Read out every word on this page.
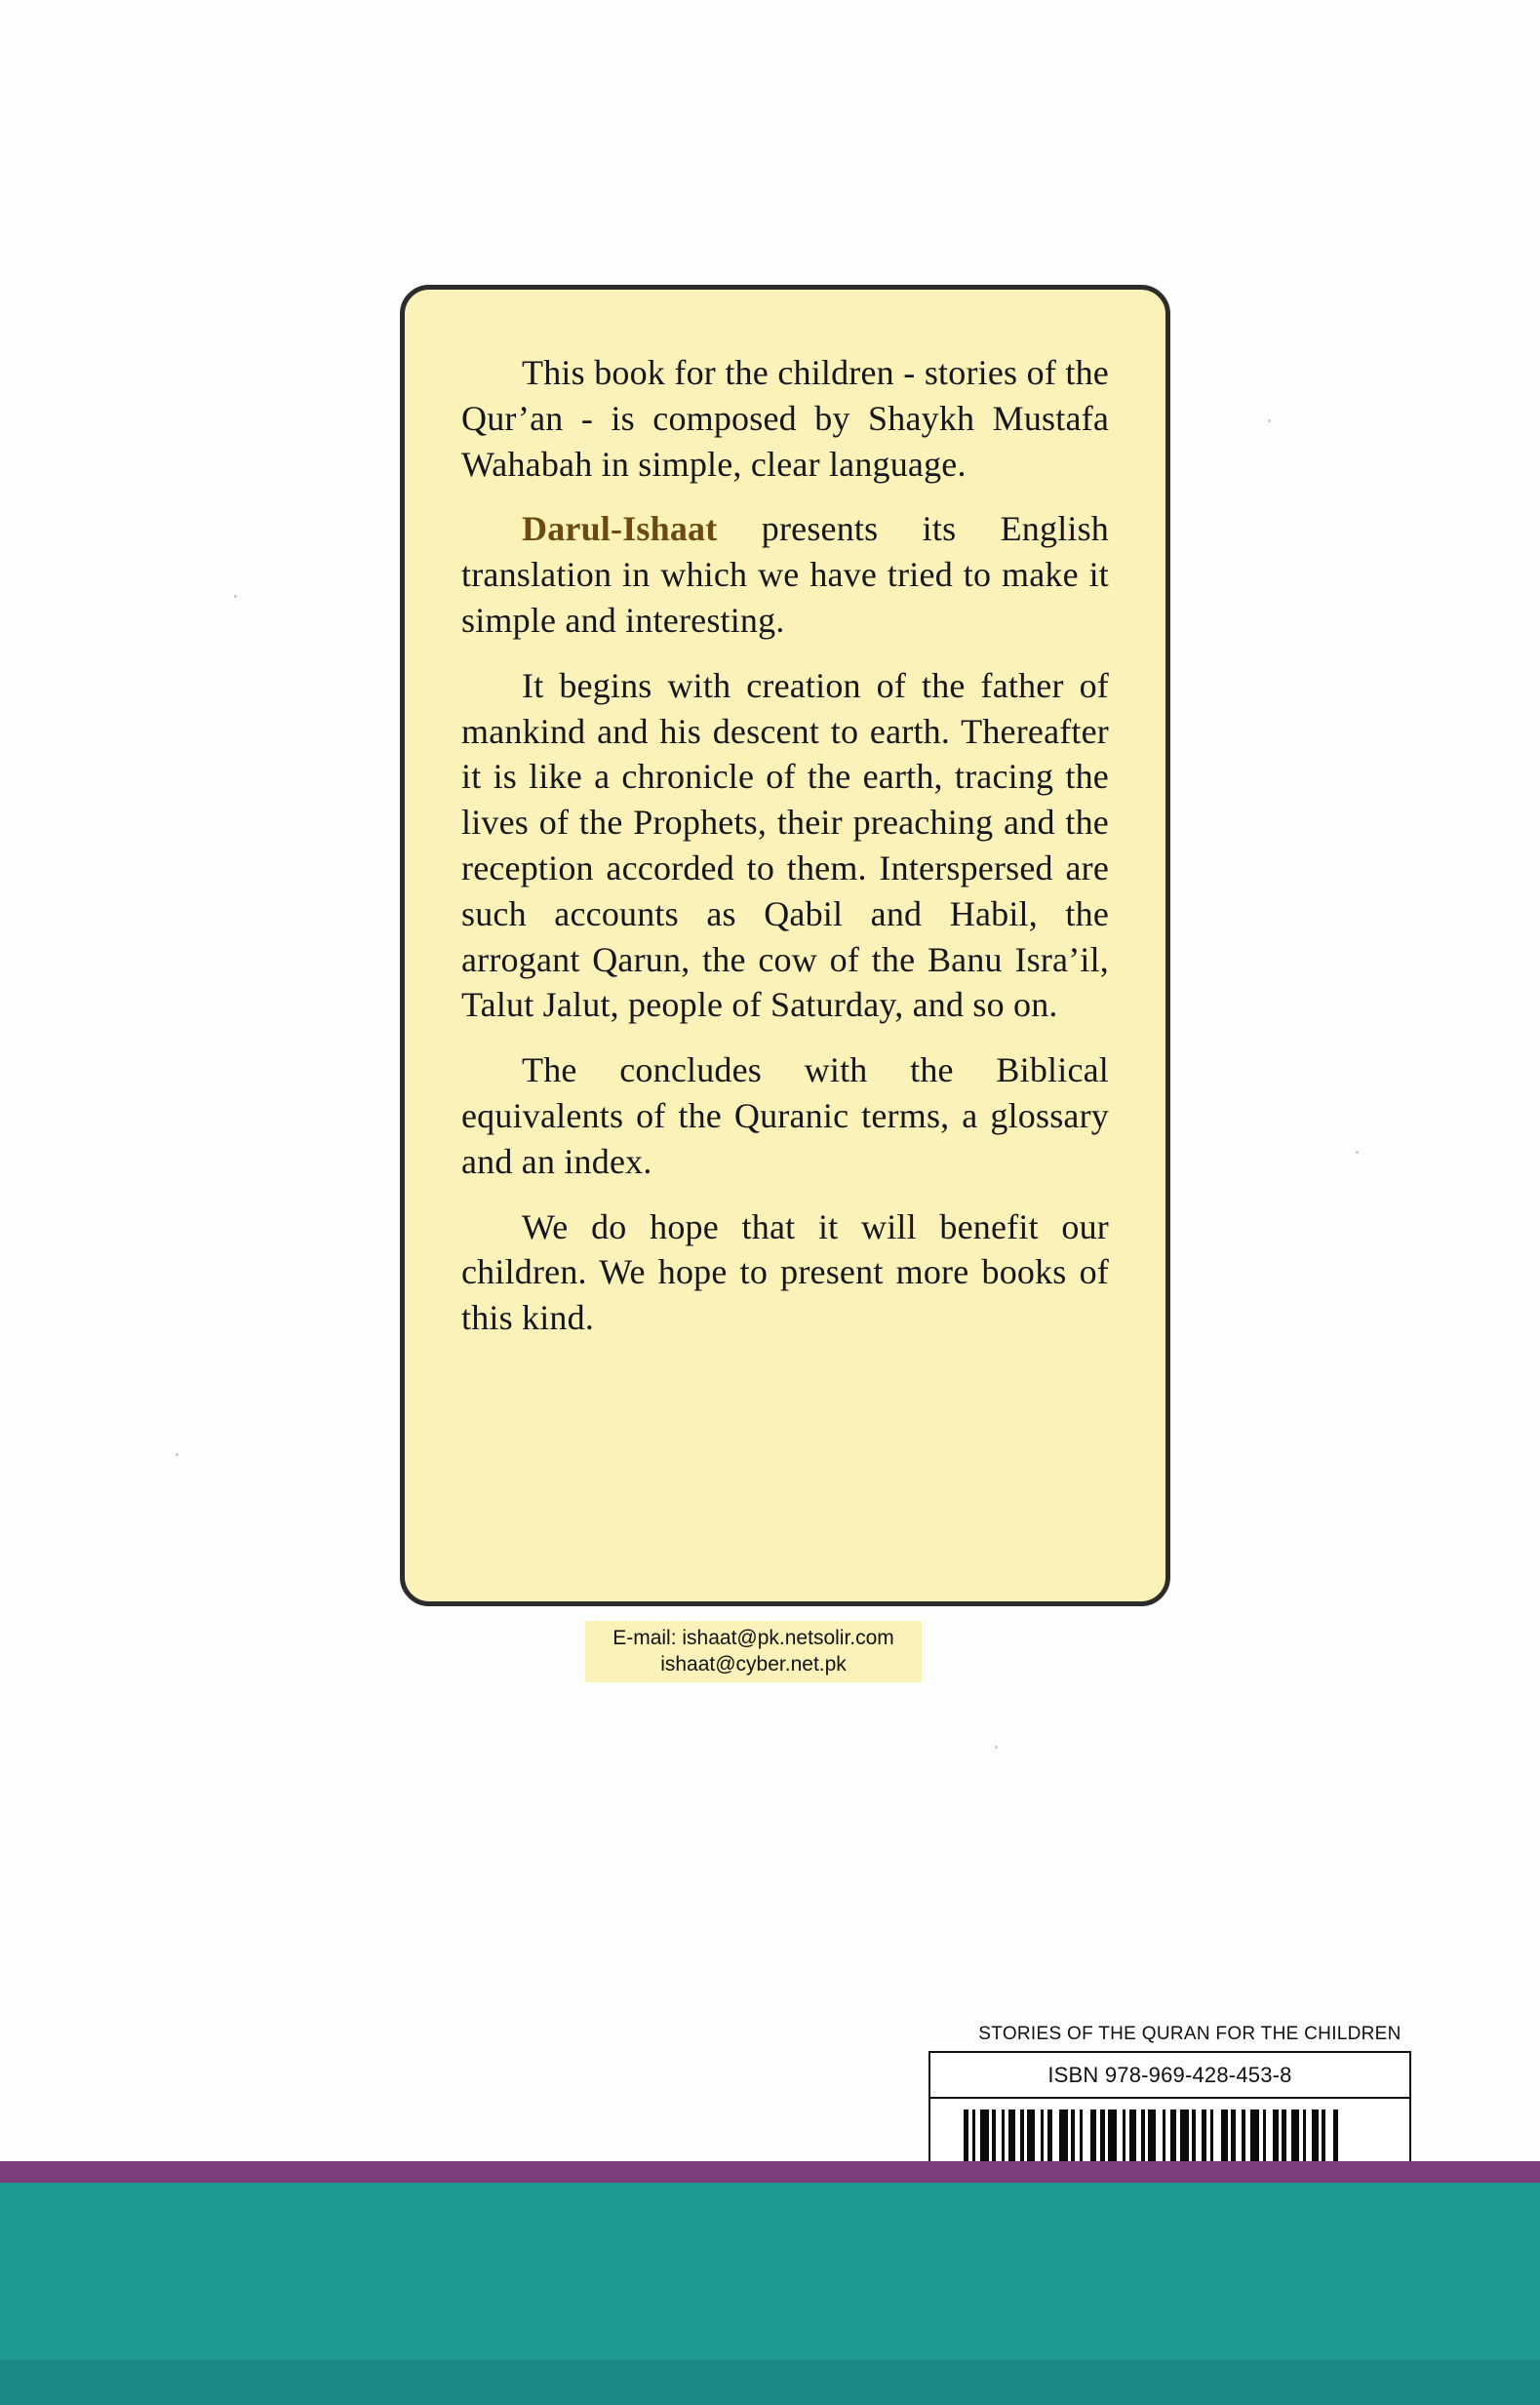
This book for the children - stories of the Qur’an - is composed by Shaykh Mustafa Wahabah in simple, clear language.

Darul-Ishaat presents its English translation in which we have tried to make it simple and interesting.

It begins with creation of the father of mankind and his descent to earth. Thereafter it is like a chronicle of the earth, tracing the lives of the Prophets, their preaching and the reception accorded to them. Interspersed are such accounts as Qabil and Habil, the arrogant Qarun, the cow of the Banu Isra’il, Talut Jalut, people of Saturday, and so on.

The concludes with the Biblical equivalents of the Quranic terms, a glossary and an index.

We do hope that it will benefit our children. We hope to present more books of this kind.

E-mail: ishaat@pk.netsolir.com
ishaat@cyber.net.pk
STORIES OF THE QURAN FOR THE CHILDREN
ISBN 978-969-428-453-8
